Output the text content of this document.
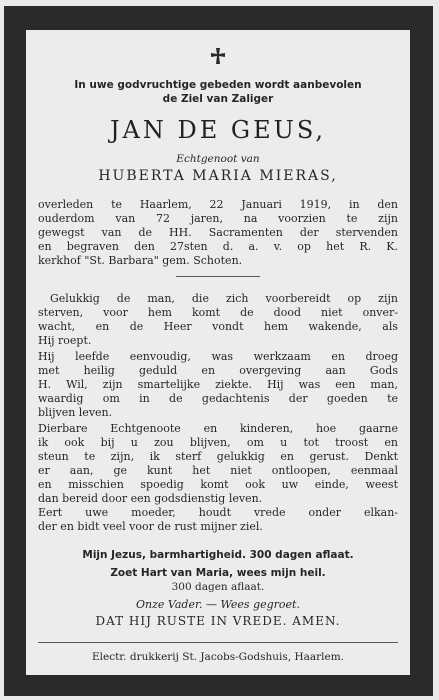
In uwe godvruchtige gebeden wordt aanbevolen
de Ziel van Zaliger
JAN DE GEUS,
Echtgenoot van
HUBERTA MARIA MIERAS,
overleden te Haarlem, 22 Januari 1919, in den
ouderdom van 72 jaren, na voorzien te zijn
gewegst van de HH. Sacramenten der stervenden
en begraven den 27sten d. a. v. op het R. K.
kerkhof "St. Barbara" gem. Schoten.
Gelukkig de man, die zich voorbereidt op zijn
sterven, voor hem komt de dood niet onver-
wacht, en de Heer vondt hem wakende, als
Hij roept.
Hij leefde eenvoudig, was werkzaam en droeg
met heilig geduld en overgeving aan Gods
H. Wil, zijn smartelijke ziekte. Hij was een man,
waardig om in de gedachtenis der goeden te
blijven leven.
Dierbare Echtgenoote en kinderen, hoe gaarne
ik ook bij u zou blijven, om u tot troost en
steun te zijn, ik sterf gelukkig en gerust. Denkt
er aan, ge kunt het niet ontloopen, eenmaal
en misschien spoedig komt ook uw einde, weest
dan bereid door een godsdienstig leven.
Eert uwe moeder, houdt vrede onder elkan-
der en bidt veel voor de rust mijner ziel.
Mijn Jezus, barmhartigheid. 300 dagen aflaat.
Zoet Hart van Maria, wees mijn heil.
300 dagen aflaat.
Onze Vader. — Wees gegroet.
DAT HIJ RUSTE IN VREDE. AMEN.
Electr. drukkerij St. Jacobs-Godshuis, Haarlem.
